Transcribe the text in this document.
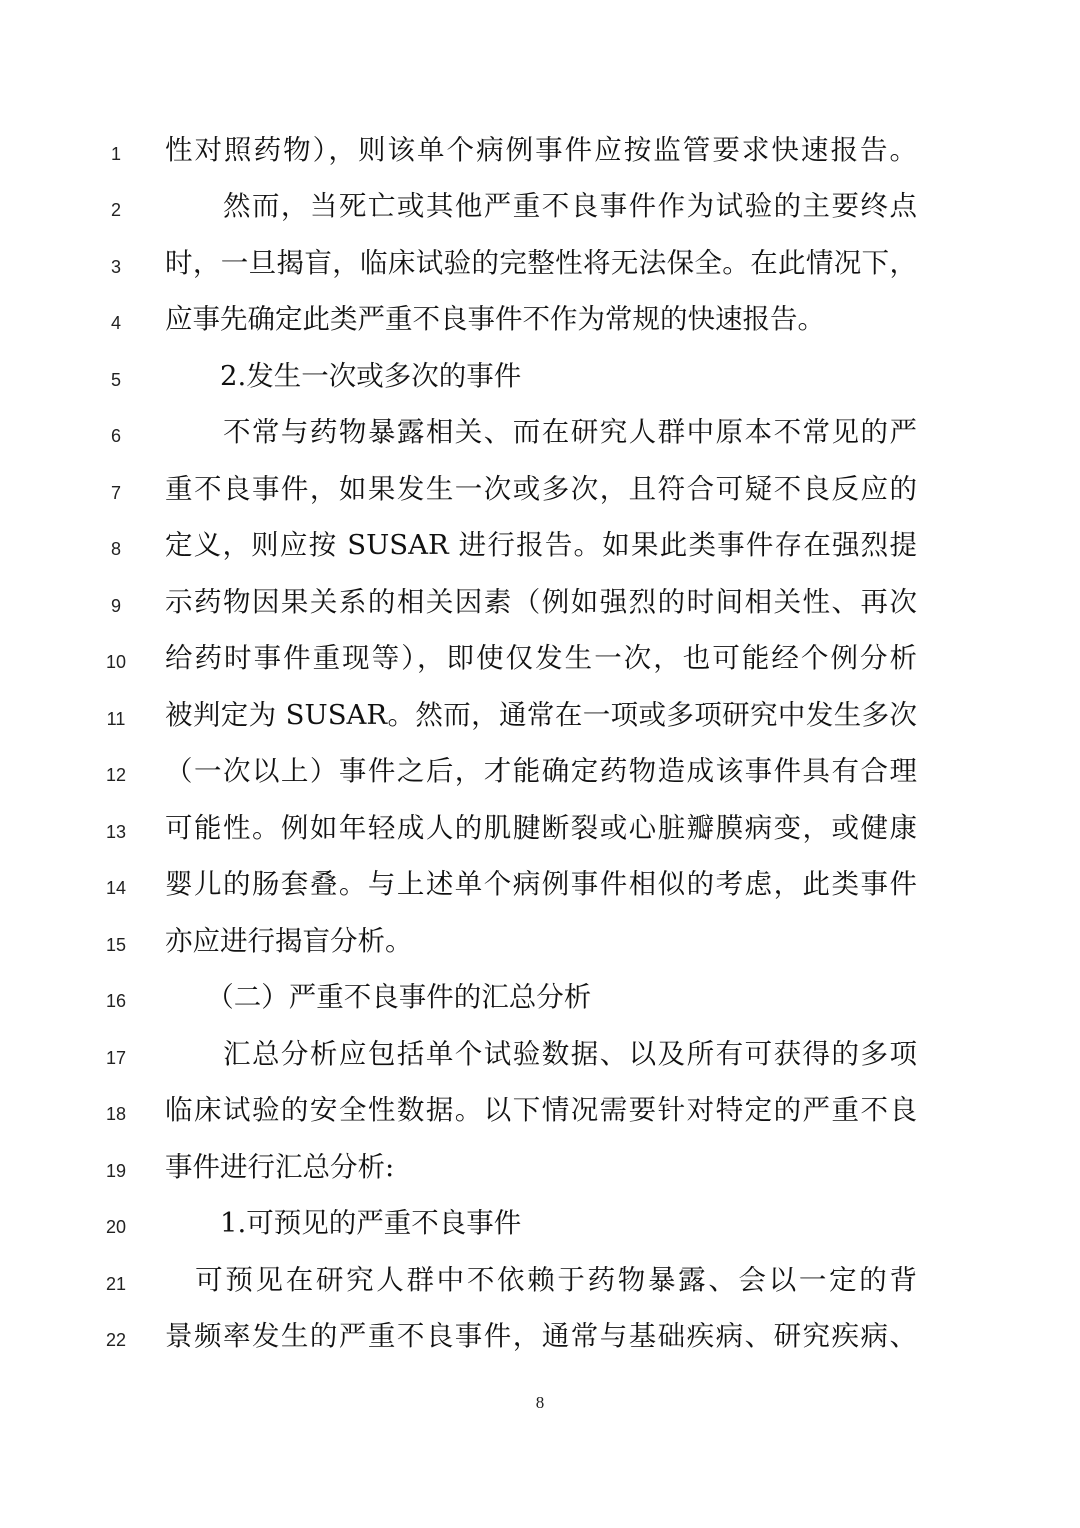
1	性对照药物），则该单个病例事件应按监管要求快速报告。
2	　　然而，当死亡或其他严重不良事件作为试验的主要终点
3	时，一旦揭盲，临床试验的完整性将无法保全。在此情况下，
4	应事先确定此类严重不良事件不作为常规的快速报告。
5	　　2.发生一次或多次的事件
6	　　不常与药物暴露相关、而在研究人群中原本不常见的严
7	重不良事件，如果发生一次或多次，且符合可疑不良反应的
8	定义，则应按 SUSAR 进行报告。如果此类事件存在强烈提
9	示药物因果关系的相关因素（例如强烈的时间相关性、再次
10	给药时事件重现等），即使仅发生一次，也可能经个例分析
11	被判定为 SUSAR。然而，通常在一项或多项研究中发生多次
12	（一次以上）事件之后，才能确定药物造成该事件具有合理
13	可能性。例如年轻成人的肌腱断裂或心脏瓣膜病变，或健康
14	婴儿的肠套叠。与上述单个病例事件相似的考虑，此类事件
15	亦应进行揭盲分析。
16	　　（二）严重不良事件的汇总分析
17	　　汇总分析应包括单个试验数据、以及所有可获得的多项
18	临床试验的安全性数据。以下情况需要针对特定的严重不良
19	事件进行汇总分析:
20	　　1.可预见的严重不良事件
21	　可预见在研究人群中不依赖于药物暴露、会以一定的背
22	景频率发生的严重不良事件，通常与基础疾病、研究疾病、
8
